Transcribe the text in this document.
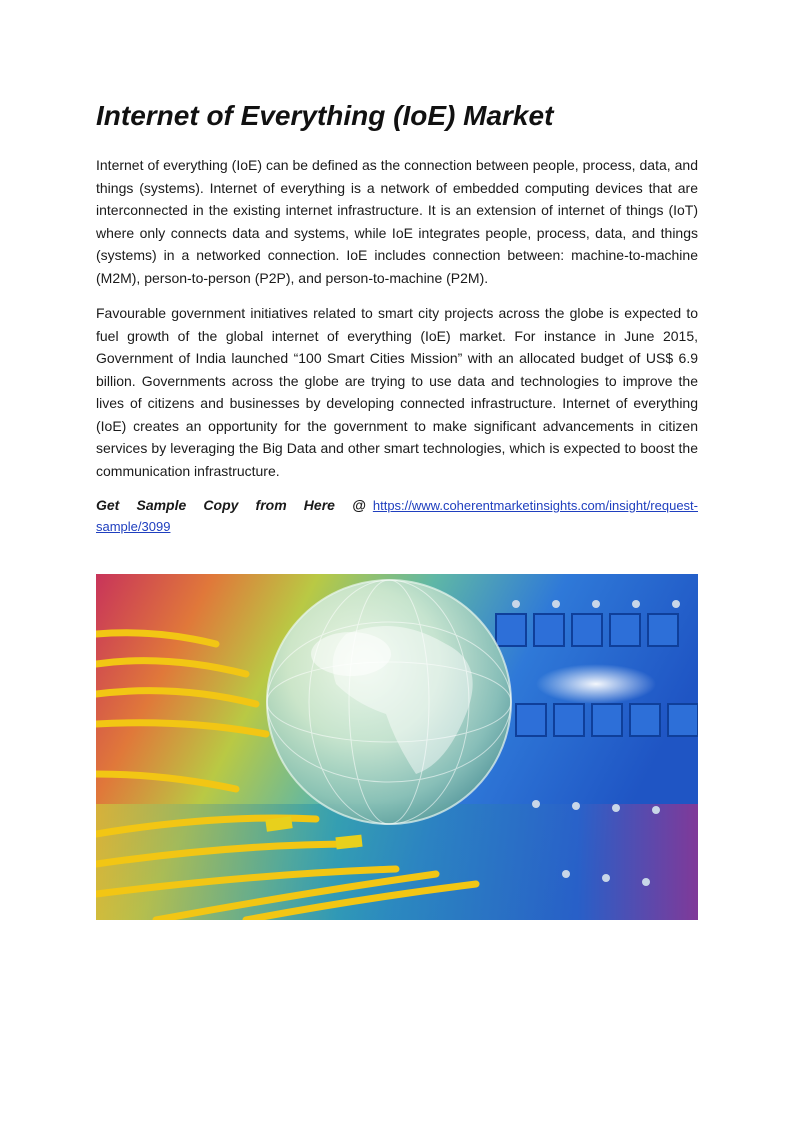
Internet of Everything (IoE) Market

Internet of everything (IoE) can be defined as the connection between people, process, data, and things (systems). Internet of everything is a network of embedded computing devices that are interconnected in the existing internet infrastructure. It is an extension of internet of things (IoT) where only connects data and systems, while IoE integrates people, process, data, and things (systems) in a networked connection. IoE includes connection between: machine-to-machine (M2M), person-to-person (P2P), and person-to-machine (P2M).

Favourable government initiatives related to smart city projects across the globe is expected to fuel growth of the global internet of everything (IoE) market. For instance in June 2015, Government of India launched “100 Smart Cities Mission” with an allocated budget of US$ 6.9 billion. Governments across the globe are trying to use data and technologies to improve the lives of citizens and businesses by developing connected infrastructure. Internet of everything (IoE) creates an opportunity for the government to make significant advancements in citizen services by leveraging the Big Data and other smart technologies, which is expected to boost the communication infrastructure.

Get Sample Copy from Here @ https://www.coherentmarketinsights.com/insight/request-sample/3099
